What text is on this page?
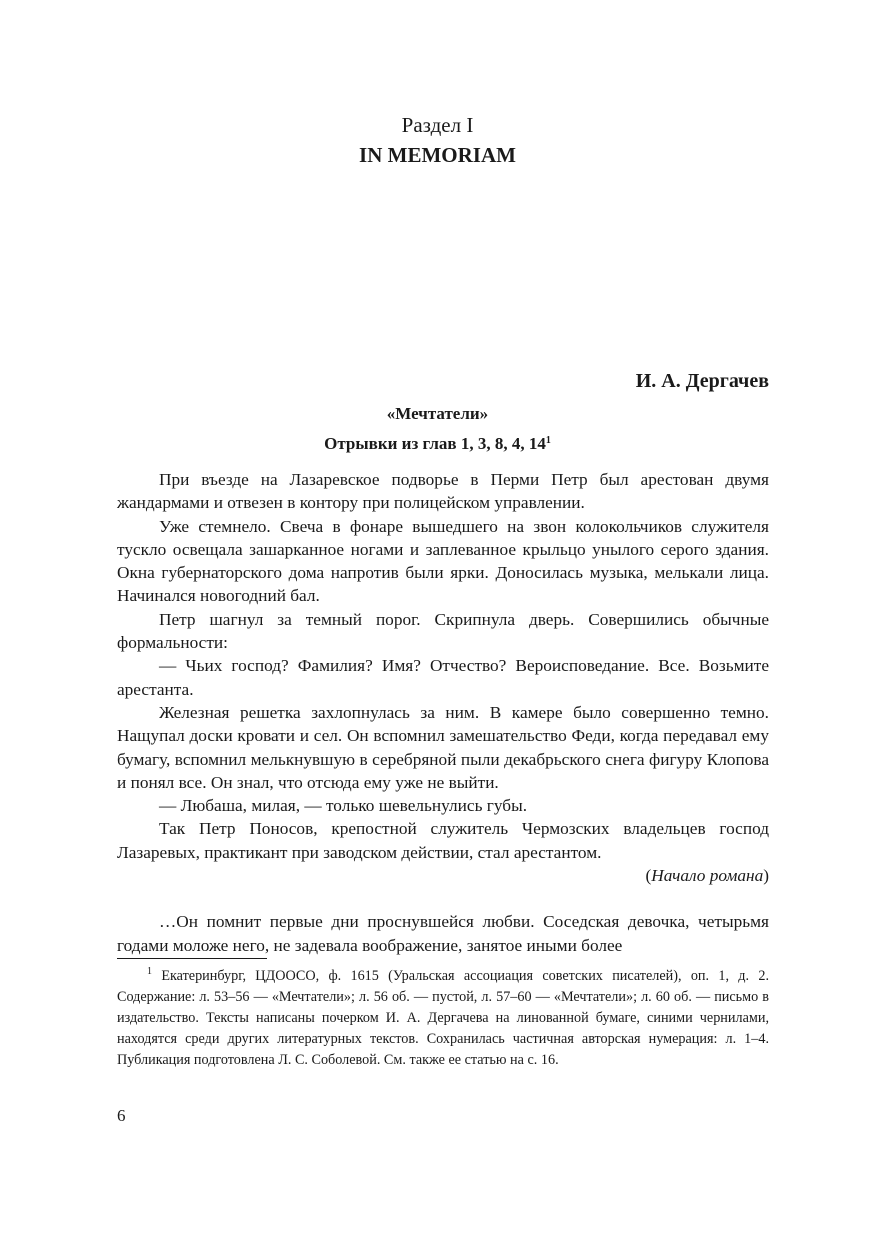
Раздел I
IN MEMORIAM
И. А. Дергачев
«Мечтатели»
Отрывки из глав 1, 3, 8, 4, $14^1$

При въезде на Лазаревское подворье в Перми Петр был арестован двумя жандармами и отвезен в контору при полицейском управлении.

Уже стемнело. Свеча в фонаре вышедшего на звон колокольчиков служителя тускло освещала зашарканное ногами и заплеванное крыльцо унылого серого здания. Окна губернаторского дома напротив были ярки. Доносилась музыка, мелькали лица. Начинался новогодний бал.

Петр шагнул за темный порог. Скрипнула дверь. Совершились обычные формальности:

— Чьих господ? Фамилия? Имя? Отчество? Вероисповедание. Все. Возьмите арестанта.

Железная решетка захлопнулась за ним. В камере было совершенно темно. Нащупал доски кровати и сел. Он вспомнил замешательство Феди, когда передавал ему бумагу, вспомнил мелькнувшую в серебряной пыли декабрьского снега фигуру Клопова и понял все. Он знал, что отсюда ему уже не выйти.

— Любаша, милая, — только шевельнулись губы.

Так Петр Поносов, крепостной служитель Чермозских владельцев господ Лазаревых, практикант при заводском действии, стал арестантом.

(Начало романа)

…Он помнит первые дни проснувшейся любви. Соседская девочка, четырьмя годами моложе него, не задевала воображение, занятое иными более

$^1$ Екатеринбург, ЦДООСО, ф. 1615 (Уральская ассоциация советских писателей), оп. 1, д. 2. Содержание: л. 53–56 — «Мечтатели»; л. 56 об. — пустой, л. 57–60 — «Мечтатели»; л. 60 об. — письмо в издательство. Тексты написаны почерком И. А. Дергачева на линованной бумаге, синими чернилами, находятся среди других литературных текстов. Сохранилась частичная авторская нумерация: л. 1–4. Публикация подготовлена Л. С. Соболевой. См. также ее статью на с. 16.

6
